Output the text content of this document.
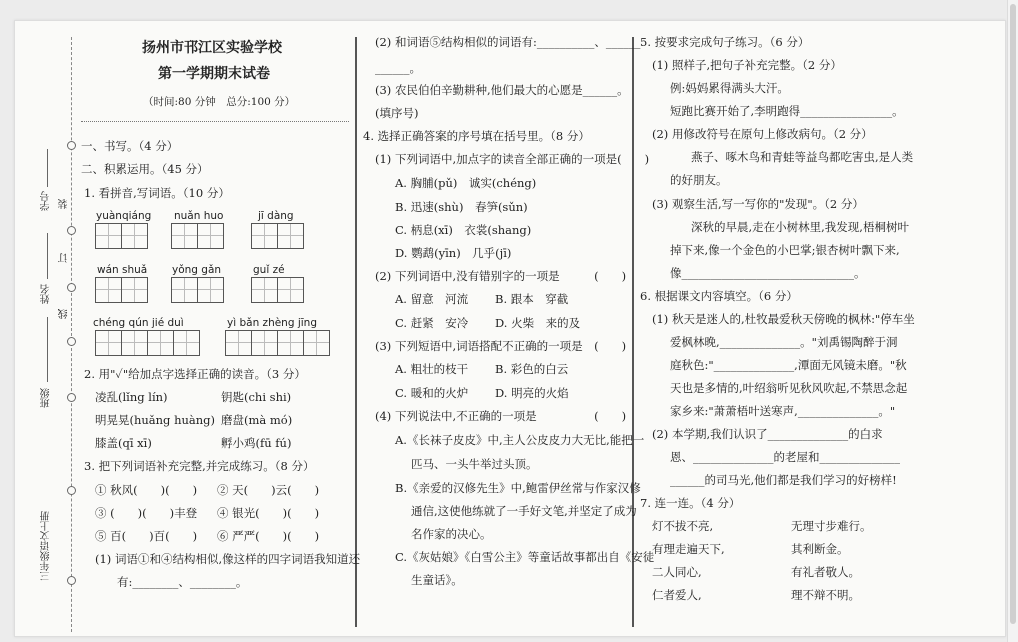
学号
姓名
班级
三年级语文上册
装
订
线
扬州市邗江区实验学校
第一学期期末试卷
（时间:80 分钟　总分:100 分）
一、书写。（4 分）
二、积累运用。（45 分）
1. 看拼音,写词语。（10 分）
yuànqiáng nuǎn huo	jī dàng
wán shuǎ yǒng gǎn	guǐ zé
chéng qún jié duì	yì bǎn zhèng jīng
2. 用"✓"给加点字选择正确的读音。（3 分）
凌乱(lǐng lín)	钥匙(chi shi)
明晃晃(huǎng huàng) 磨盘(mà mó)
膝盖(qī xī)	孵小鸡(fū fú)
3. 把下列词语补充完整,并完成练习。（8 分）
① 秋风(　　)(　　) ② 天(　　)云(　　)
③ (　　)(　　)丰登 ④ 银光(　　)(　　)
⑤ 百(　　)百(　　) ⑥ 严严(　　)(　　)
(1) 词语①和④结构相似,像这样的四字词语我知道还
有:________、________。
(2) 和词语⑤结构相似的词语有:__________、______
______。
(3) 农民伯伯辛勤耕种,他们最大的心愿是______。
(填序号)
4. 选择正确答案的序号填在括号里。（8 分）
(1) 下列词语中,加点字的读音全部正确的一项是(　　)
A. 胸脯(pǔ)　诚实(chéng)
B. 迅速(shù)　春笋(sǔn)
C. 柄息(xī)　衣裳(shang)
D. 鹦鹉(yīn)　几乎(jī)
(2) 下列词语中,没有错别字的一项是　　　(　　)
A. 留意　河流 B. 跟本　穿截
C. 赶紧　安冷 D. 火柴　来的及
(3) 下列短语中,词语搭配不正确的一项是　(　　)
A. 粗壮的枝干 B. 彩色的白云
C. 暖和的火炉 D. 明亮的火焰
(4) 下列说法中,不正确的一项是　　　　　(　　)
A.《长袜子皮皮》中,主人公皮皮力大无比,能把一
匹马、一头牛举过头顶。
B.《亲爱的汉修先生》中,鲍雷伊丝常与作家汉修
通信,这使他练就了一手好文笔,并坚定了成为
名作家的决心。
C.《灰姑娘》《白雪公主》等童话故事都出自《安徒
生童话》。
5. 按要求完成句子练习。（6 分）
(1) 照样子,把句子补充完整。（2 分）
例:妈妈累得满头大汗。
短跑比赛开始了,李明跑得________________。
(2) 用修改符号在原句上修改病句。（2 分）
燕子、啄木鸟和青蛙等益鸟都吃害虫,是人类
的好朋友。
(3) 观察生活,写一写你的"发现"。（2 分）
深秋的早晨,走在小树林里,我发现,梧桐树叶
掉下来,像一个金色的小巴掌;银杏树叶飘下来,
像______________________________。
6. 根据课文内容填空。（6 分）
(1) 秋天是迷人的,杜牧最爱秋天傍晚的枫林:"停车坐
爱枫林晚,______________。"刘禹锡陶醉于洞
庭秋色:"______________,潭面无风镜未磨。"秋
天也是多情的,叶绍翁听见秋风吹起,不禁思念起
家乡来:"萧萧梧叶送寒声,______________。"
(2) 本学期,我们认识了______________的白求
恩、______________的老屋和______________
______的司马光,他们都是我们学习的好榜样!
7. 连一连。（4 分）
灯不拔不亮,	无理寸步难行。
有理走遍天下,	其利断金。
二人同心,	有礼者敬人。
仁者爱人,	理不辩不明。
